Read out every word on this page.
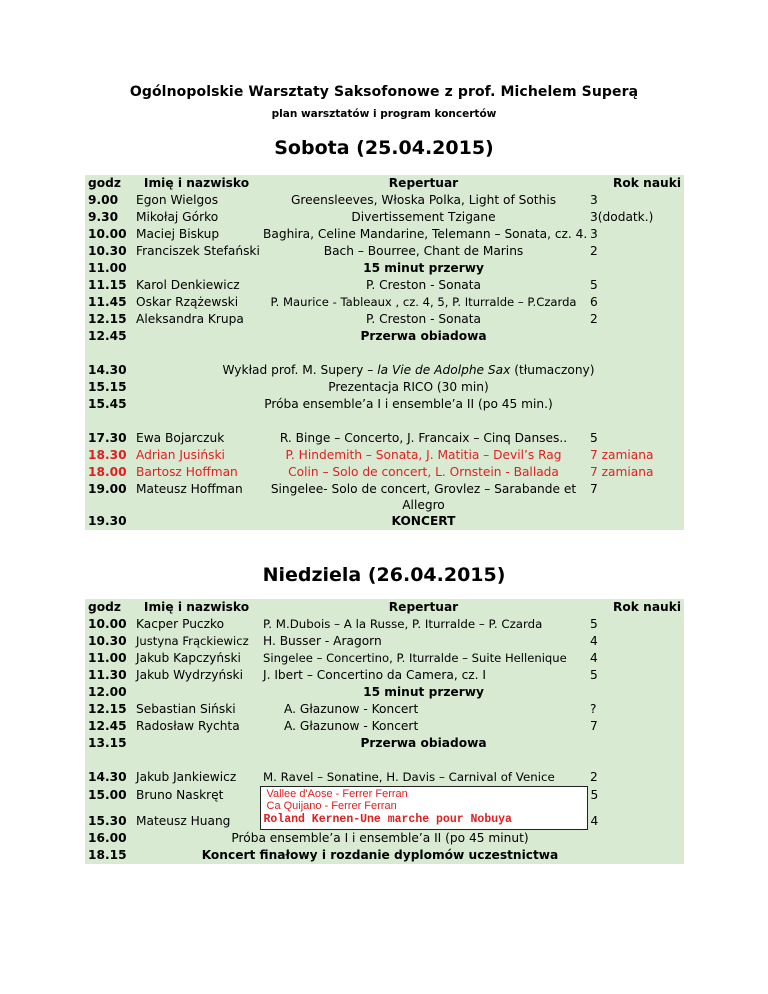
Ogólnopolskie Warsztaty Saksofonowe z prof. Michelem Superą
plan warsztatów i program koncertów
Sobota (25.04.2015)
godz	Imię i nazwisko	Repertuar	Rok nauki
9.00	Egon Wielgos	Greensleeves, Włoska Polka, Light of Sothis	3
9.30	Mikołaj Górko	Divertissement Tzigane	3(dodatk.)
10.00	Maciej Biskup	Baghira, Celine Mandarine, Telemann – Sonata, cz. 4.	3
10.30	Franciszek Stefański	Bach – Bourree, Chant de Marins	2
11.00		15 minut przerwy	
11.15	Karol Denkiewicz	P. Creston - Sonata	5
11.45	Oskar Rzążewski	P. Maurice - Tableaux , cz. 4, 5, P. Iturralde – P.Czarda	6
12.15	Aleksandra Krupa	P. Creston - Sonata	2
12.45		Przerwa obiadowa	

14.30	Wykład prof. M. Supery – la Vie de Adolphe Sax (tłumaczony)		
15.15	Prezentacja RICO (30 min)		
15.45	Próba ensemble’a I i ensemble’a II (po 45 min.)		

17.30	Ewa Bojarczuk	R. Binge – Concerto, J. Francaix – Cinq Danses..	5
18.30	Adrian Jusiński	P. Hindemith – Sonata, J. Matitia – Devil’s Rag	7 zamiana
18.00	Bartosz Hoffman	Colin – Solo de concert, L. Ornstein - Ballada	7 zamiana
19.00	Mateusz Hoffman	Singelee- Solo de concert, Grovlez – Sarabande et Allegro	7
19.30		KONCERT	
Niedziela (26.04.2015)
godz	Imię i nazwisko	Repertuar	Rok nauki
10.00	Kacper Puczko	P. M.Dubois – A la Russe, P. Iturralde – P. Czarda	5
10.30	Justyna Frąckiewicz	H. Busser - Aragorn	4
11.00	Jakub Kapczyński	Singelee – Concertino, P. Iturralde – Suite Hellenique	4
11.30	Jakub Wydrzyński	J. Ibert – Concertino da Camera, cz. I	5
12.00		15 minut przerwy	
12.15	Sebastian Siński	A. Głazunow - Koncert	?
12.45	Radosław Rychta	A. Głazunow - Koncert	7
13.15		Przerwa obiadowa	

14.30	Jakub Jankiewicz	M. Ravel – Sonatine, H. Davis – Carnival of Venice	2
15.00	Bruno Naskręt	Vallee d'Aose - Ferrer Ferran
Ca Quijano - Ferrer Ferran	5
15.30	Mateusz Huang	Roland Kernen-Une marche pour Nobuya	4
16.00	Próba ensemble’a I i ensemble’a II (po 45 minut)		
18.15	Koncert finałowy i rozdanie dyplomów uczestnictwa		
